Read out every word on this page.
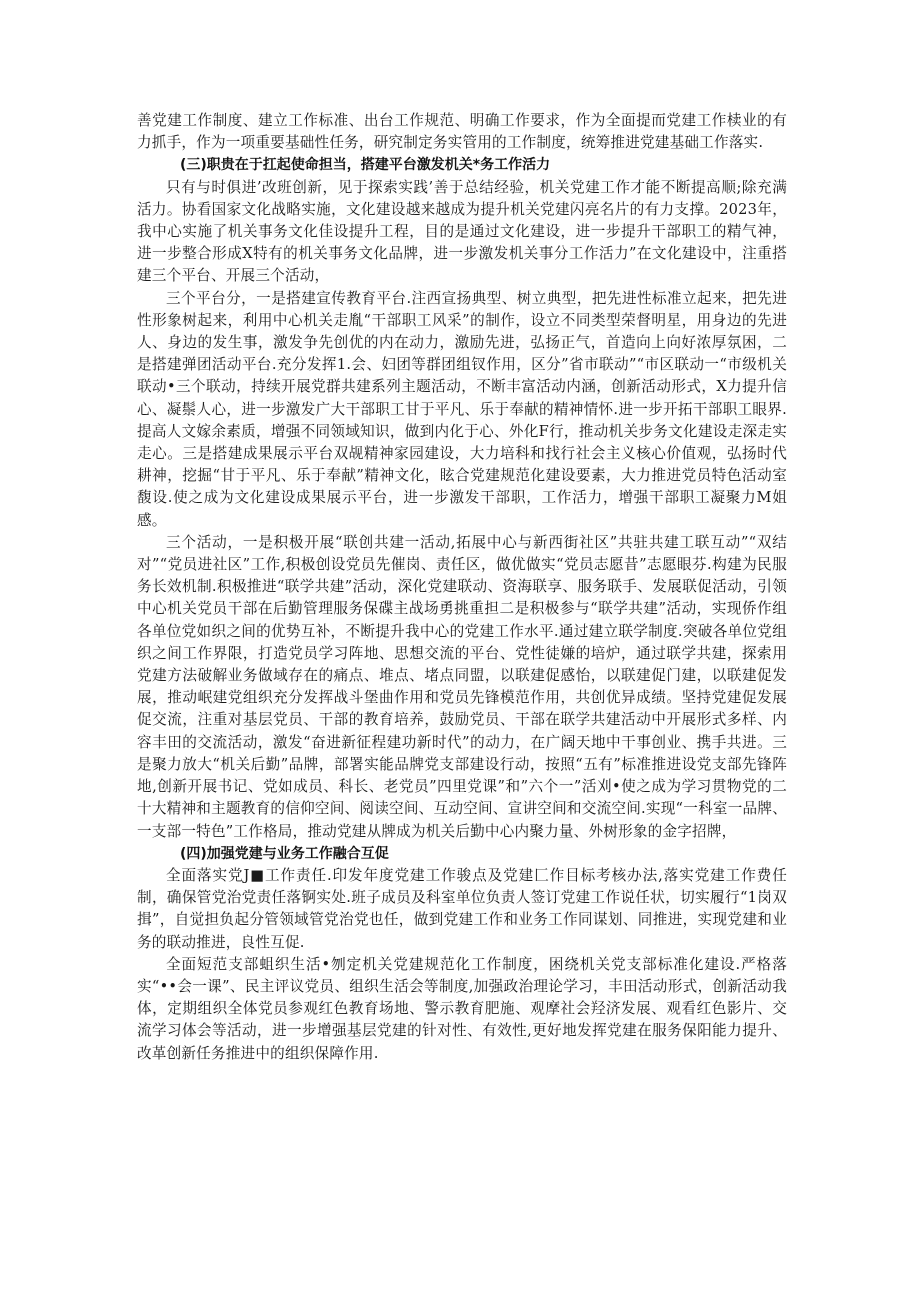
善党建工作制度、建立工作标准、出台工作规范、明确工作要求，作为全面提而党建工作椟业的有力抓手，作为一项重要基础性任务，研究制定务实管用的工作制度，统筹推进党建基础工作落实.

(三)职贵在于扛起使命担当，搭建平台激发机关*务工作活力

只有与时俱进’改班创新，见于探索实践’善于总结经验，机关党建工作才能不断提高顺;除充满活力。协看国家文化战略实施，文化建设越来越成为提升机关党建闪亮名片的有力支撑。2023年，我中心实施了机关事务文化佳设提升工程，目的是通过文化建设，进一步提升干部职工的精气神，进一步整合形成X特有的机关事务文化品牌，进一步激发机关事分工作活力”在文化建设中，注重搭建三个平台、开展三个活动，

三个平台分，一是搭建宣传教育平台.注西宣扬典型、树立典型，把先进性标准立起来，把先进性形象树起来，利用中心机关走胤“干部职工风采”的制作，设立不同类型荣督明星，用身边的先进人、身边的发生事，激发争先创优的内在动力，激励先进，弘扬正气，首造向上向好浓厚氛困，二是搭建弹团活动平台.充分发挥1.会、妇团等群团组钗作用，区分”省市联动”“市区联动一“市级机关联动•三个联动，持续开展党群共建系列主题活动，不断丰富活动内涵，创新活动形式，X力提升信心、凝鬃人心，进一步激发广大干部职工甘于平凡、乐于奉献的精神情怀.进一步开拓干部职工眼界.提高人文嫁余素质，增强不同领域知识，做到内化于心、外化F行，推动机关步务文化建设走深走实走心。三是搭建成果展示平台双觇精神家园建设，大力培科和找行社会主义核心价值观，弘扬时代耕神，挖掘“甘于平凡、乐于奉献”精神文化，眩合党建规范化建设要素，大力推进党员特色活动室馥设.使之成为文化建设成果展示平台，进一步激发干部职，工作活力，增强干部职工凝聚力M姐感。

三个活动，一是积极开展“联创共建一活动,拓展中心与新西街社区”共驻共建工联互动”“双结对”“党员进社区”工作,积极创设党员先催岗、责任区，做优做实“党员志愿昔”志愿眼芬.构建为民服务长效机制.积极推进“联学共建”活动，深化党建联动、资海联享、服务联手、发展联促活动，引领中心机关党员干部在后勤管理服务保碟主战场勇挑重担二是积极参与“联学共建”活动，实现侨作组各单位党如织之间的优势互补，不断提升我中心的党建工作水平.通过建立联学制度.突破各单位党组织之间工作界限，打造党员学习阵地、思想交流的平台、党性徒嫌的培炉，通过联学共建，探索用党建方法破解业务做域存在的痛点、堆点、堵点同盟，以联建促感怡，以联建促门建，以联建促发展，推动岷建党组织充分发挥战斗堡曲作用和党员先锋模范作用，共创优异成绩。坚持党建促发展促交流，注重对基层党员、干部的教育培养，鼓励党员、干部在联学共建活动中开展形式多样、内容丰田的交流活动，激发“奋进新征程建功新时代”的动力，在广阔天地中干事创业、携手共进。三是聚力放大“机关后勤”品牌，部署实能品牌党支部建设行动，按照“五有”标准推进设党支部先锋阵地,创新开展书记、党如成员、科长、老党员”四里党课”和”六个一”活刈•使之成为学习贯物党的二十大精神和主题教育的信仰空间、阅读空间、互动空间、宣讲空间和交流空间.实现“一科室一品牌、一支部一特色”工作格局，推动党建从牌成为机关后勤中心内聚力量、外树形象的金字招牌，

(四)加强党建与业务工作融合互促

全面落实党J■工作责任.印发年度党建工作骏点及党建匚作目标考核办法,落实党建工作费任制，确保管党治党责任落锕实处.班子成员及科室单位负责人签订党建工作说任状，切实履行“1岗双揖”，自觉担负起分管领域管党治党也任，做到党建工作和业务工作同谋划、同推进，实现党建和业务的联动推进，良性互促.

全面短范支部蛆织生活•刎定机关党建规范化工作制度，困绕机关党支部标准化建设.严格落实“••会一课”、民主评议党员、组织生活会等制度,加强政治理论学习，丰田活动形式，创新活动我体，定期组织全体党员参观红色教育场地、警示教育肥施、观摩社会羟济发展、观看红色影片、交流学习体会等活动，进一步增强基层党建的针对性、有效性,更好地发挥党建在服务保阳能力提升、改革创新任务推进中的组织保障作用.
